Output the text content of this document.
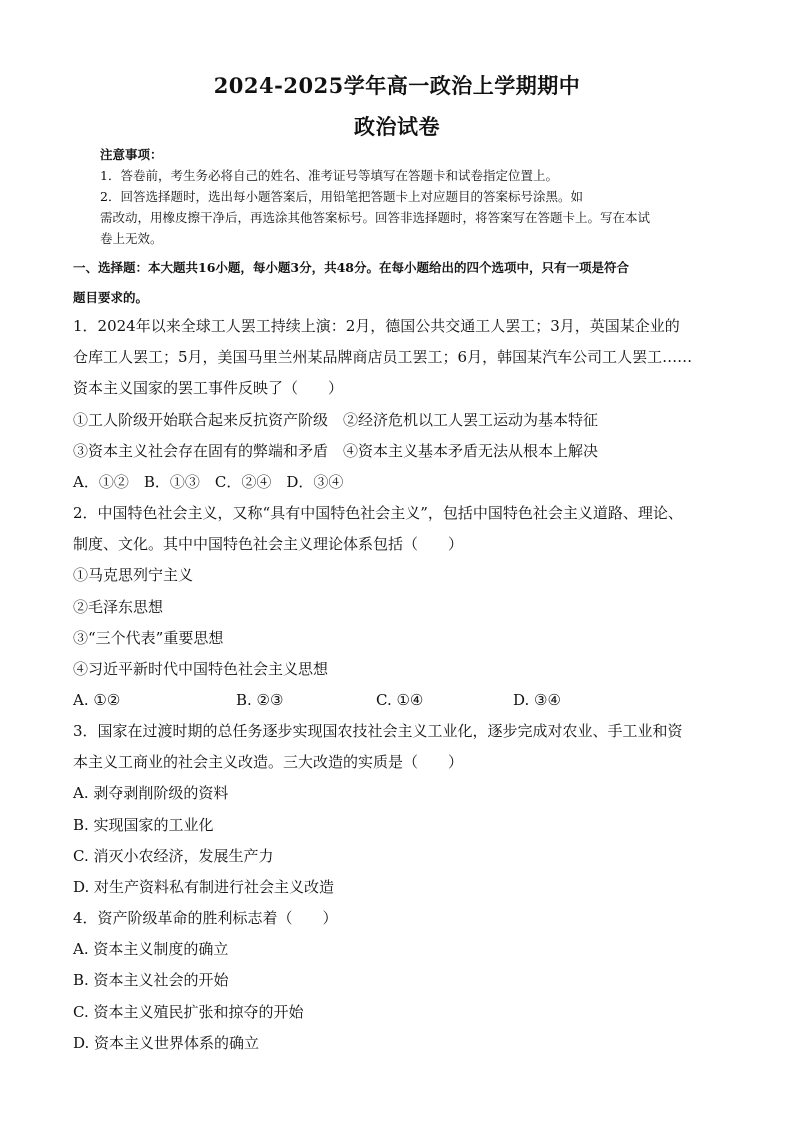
2024-2025学年高一政治上学期期中
政治试卷
注意事项：
1．答卷前，考生务必将自己的姓名、准考证号等填写在答题卡和试卷指定位置上。
2．回答选择题时，选出每小题答案后，用铅笔把答题卡上对应题目的答案标号涂黑。如
需改动，用橡皮擦干净后，再选涂其他答案标号。回答非选择题时，将答案写在答题卡上。写在本试
卷上无效。
一、选择题：本大题共16小题，每小题3分，共48分。在每小题给出的四个选项中，只有一项是符合
题目要求的。
1．2024年以来全球工人罢工持续上演：2月，德国公共交通工人罢工；3月，英国某企业的
仓库工人罢工；5月，美国马里兰州某品牌商店员工罢工；6月，韩国某汽车公司工人罢工……
资本主义国家的罢工事件反映了（　　）
①工人阶级开始联合起来反抗资产阶级　②经济危机以工人罢工运动为基本特征
③资本主义社会存在固有的弊端和矛盾　④资本主义基本矛盾无法从根本上解决
A．①②　B．①③　C．②④　D．③④
2．中国特色社会主义，又称“具有中国特色社会主义”，包括中国特色社会主义道路、理论、
制度、文化。其中中国特色社会主义理论体系包括（　　）
①马克思列宁主义
②毛泽东思想
③“三个代表”重要思想
④习近平新时代中国特色社会主义思想
A. ①②	B. ②③	C. ①④	D. ③④
3．国家在过渡时期的总任务逐步实现国农技社会主义工业化，逐步完成对农业、手工业和资
本主义工商业的社会主义改造。三大改造的实质是（　　）
A. 剥夺剥削阶级的资料
B. 实现国家的工业化
C. 消灭小农经济，发展生产力
D. 对生产资料私有制进行社会主义改造
4．资产阶级革命的胜利标志着（　　）
A. 资本主义制度的确立
B. 资本主义社会的开始
C. 资本主义殖民扩张和掠夺的开始
D. 资本主义世界体系的确立
